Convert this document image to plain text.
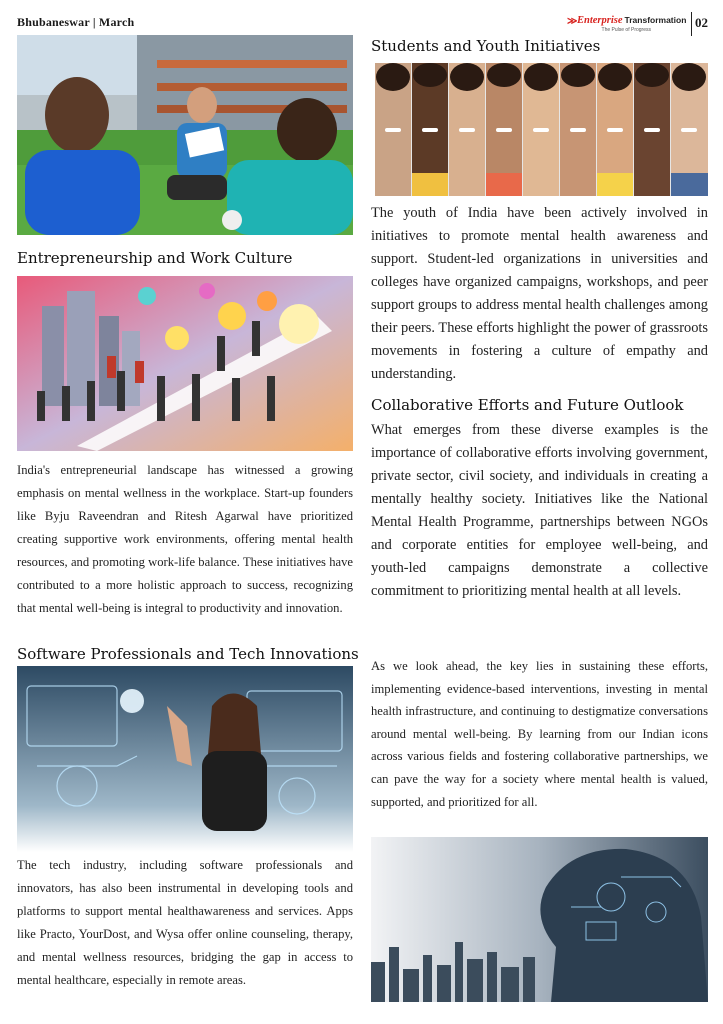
Bhubaneswar | March	≫ Enterprise Transformation
The Pulse of Progress	02
Entrepreneurship and Work Culture
India's entrepreneurial landscape has witnessed a growing emphasis on mental wellness in the workplace. Start-up founders like Byju Raveendran and Ritesh Agarwal have prioritized creating supportive work environments, offering mental health resources, and promoting work-life balance. These initiatives have contributed to a more holistic approach to success, recognizing that mental well-being is integral to productivity and innovation.
Software Professionals and Tech Innovations
The tech industry, including software professionals and innovators, has also been instrumental in developing tools and platforms to support mental healthawareness and services. Apps like Practo, YourDost, and Wysa offer online counseling, therapy, and mental wellness resources, bridging the gap in access to mental healthcare, especially in remote areas.
Students and Youth Initiatives
The youth of India have been actively involved in initiatives to promote mental health awareness and support. Student-led organizations in universities and colleges have organized campaigns, workshops, and peer support groups to address mental health challenges among their peers. These efforts highlight the power of grassroots movements in fostering a culture of empathy and understanding.
Collaborative Efforts and Future Outlook
What emerges from these diverse examples is the importance of collaborative efforts involving government, private sector, civil society, and individuals in creating a mentally healthy society. Initiatives like the National Mental Health Programme, partnerships between NGOs and corporate entities for employee well-being, and youth-led campaigns demonstrate a collective commitment to prioritizing mental health at all levels.
As we look ahead, the key lies in sustaining these efforts, implementing evidence-based interventions, investing in mental health infrastructure, and continuing to destigmatize conversations around mental well-being. By learning from our Indian icons across various fields and fostering collaborative partnerships, we can pave the way for a society where mental health is valued, supported, and prioritized for all.
